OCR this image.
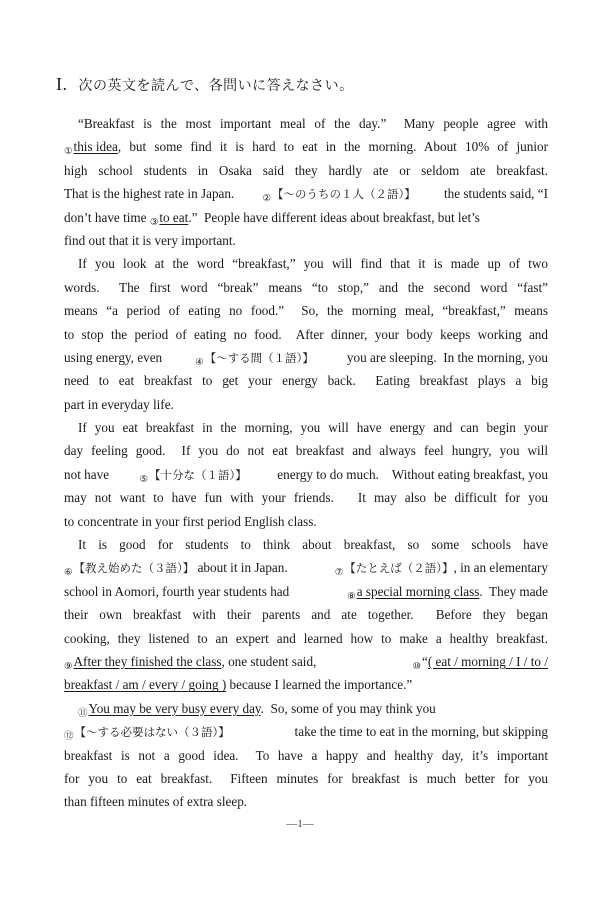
I. 次の英文を読んで、各問いに答えなさい。
“Breakfast is the most important meal of the day.”  Many people agree with
① this idea , but some find it is hard to eat in the morning. About 10% of junior
high school students in Osaka said they hardly ate or seldom ate breakfast.
That is the highest rate in Japan.	$_②$【～のうちの１人（２語）】 the students said, “I
don’t have time
③ to eat .”  People have different ideas about breakfast, but let’s
find out that it is very important.
If you look at the word “breakfast,” you will find that it is made up of two
words.  The first word “break” means “to stop,” and the second word “fast”
means “a period of eating no food.”  So, the morning meal, “breakfast,” means
to stop the period of eating no food.  After dinner, your body keeps working and
using energy, even	$_④$【～する間（１語）】 you are sleeping.  In the morning, you
need to eat breakfast to get your energy back.  Eating breakfast plays a big
part in everyday life.
If you eat breakfast in the morning, you will have energy and can begin your
day feeling good.  If you do not eat breakfast and always feel hungry, you will
not have	$_⑤$【十分な（１語）】 energy to do much.    Without eating breakfast, you
may not want to have fun with your friends.   It may also be difficult for you
to concentrate in your first period English class.
It is good for students to think about breakfast, so some schools have
$_⑥$【教え始めた（３語）】 about it in Japan.	$_⑦$【たとえば（２語）】, in an elementary
school in Aomori, fourth year students had	$_⑧$a special morning class.  They made
their own breakfast with their parents and ate together.  Before they began
cooking, they listened to an expert and learned how to make a healthy breakfast.
$_⑨$After they finished the class, one student said,	$_⑩$“( eat / morning / I / to /
breakfast / am / every / going ) because I learned the importance.”
$_⑪$You may be very busy every day.  So, some of you may think you
$_⑫$【～する必要はない（３語）】	take the time to eat in the morning, but skipping
breakfast is not a good idea.  To have a happy and healthy day, it’s important
for you to eat breakfast.  Fifteen minutes for breakfast is much better for you
than fifteen minutes of extra sleep.
—1—
